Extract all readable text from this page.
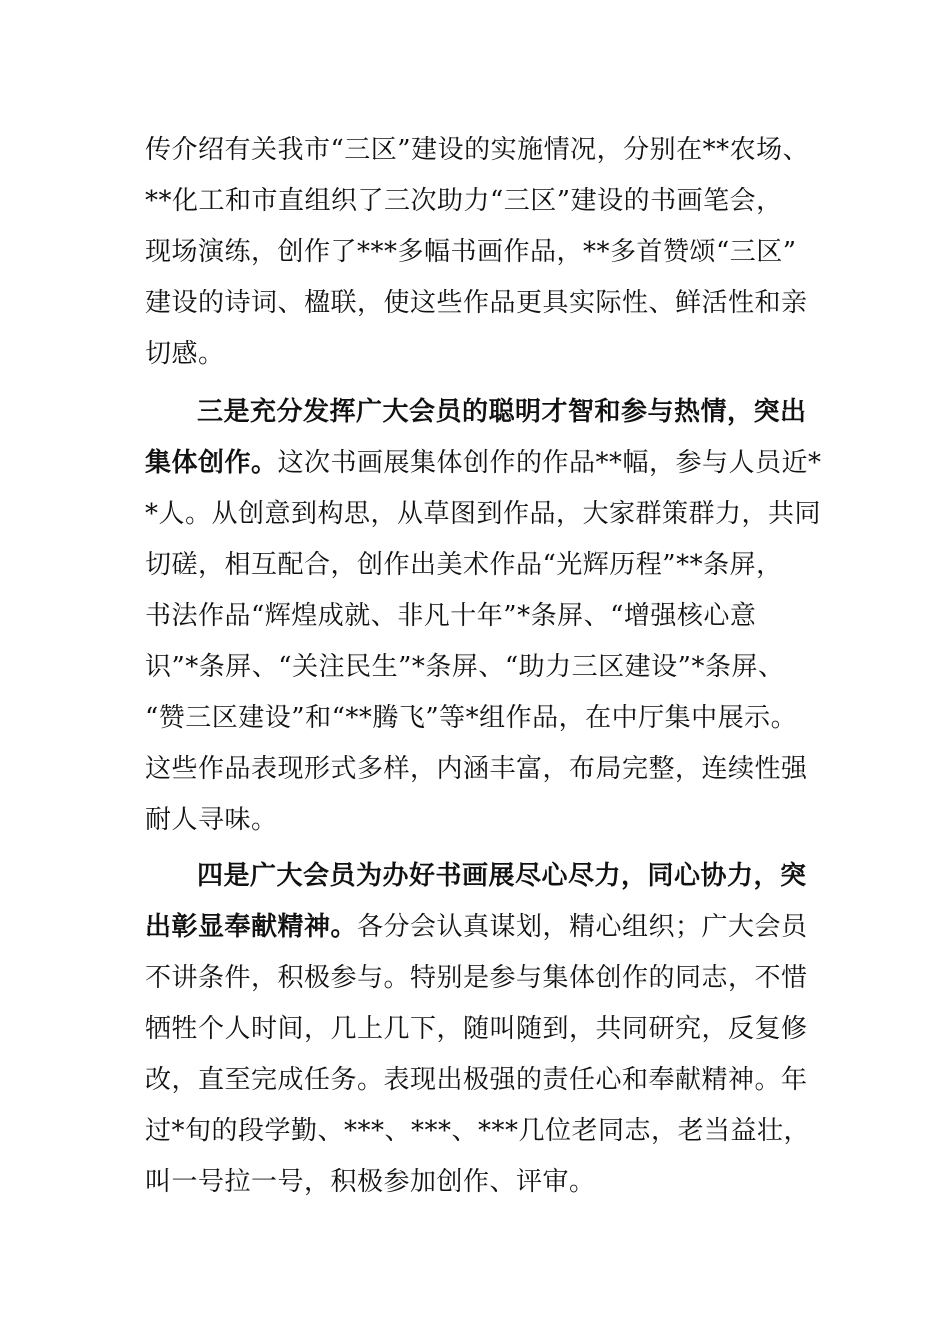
传介绍有关我市“三区”建设的实施情况，分别在**农场、
**化工和市直组织了三次助力“三区”建设的书画笔会，
现场演练，创作了***多幅书画作品，**多首赞颂“三区”
建设的诗词、楹联，使这些作品更具实际性、鲜活性和亲
切感。
三是充分发挥广大会员的聪明才智和参与热情，突出
集体创作。这次书画展集体创作的作品**幅，参与人员近*
*人。从创意到构思，从草图到作品，大家群策群力，共同
切磋，相互配合，创作出美术作品“光辉历程”**条屏，
书法作品“辉煌成就、非凡十年”*条屏、“增强核心意
识”*条屏、“关注民生”*条屏、“助力三区建设”*条屏、
“赞三区建设”和“**腾飞”等*组作品，在中厅集中展示。
这些作品表现形式多样，内涵丰富，布局完整，连续性强
耐人寻味。
四是广大会员为办好书画展尽心尽力，同心协力，突
出彰显奉献精神。各分会认真谋划，精心组织；广大会员
不讲条件，积极参与。特别是参与集体创作的同志，不惜
牺牲个人时间，几上几下，随叫随到，共同研究，反复修
改，直至完成任务。表现出极强的责任心和奉献精神。年
过*旬的段学勤、***、***、***几位老同志，老当益壮，
叫一号拉一号，积极参加创作、评审。
